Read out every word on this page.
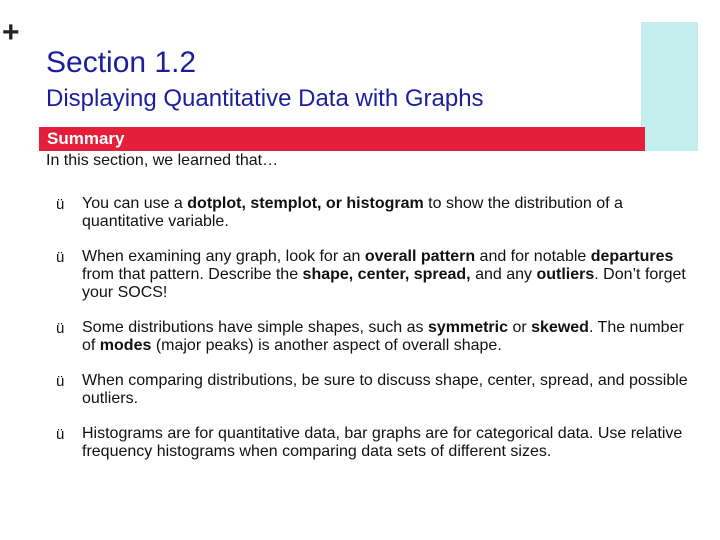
+
Section 1.2
Displaying Quantitative Data with Graphs
Summary
In this section, we learned that…
ü	You can use a dotplot, stemplot, or histogram to show the distribution of a quantitative variable.
ü	When examining any graph, look for an overall pattern and for notable departures from that pattern. Describe the shape, center, spread, and any outliers. Don’t forget your SOCS!
ü	Some distributions have simple shapes, such as symmetric or skewed. The number of modes (major peaks) is another aspect of overall shape.
ü	When comparing distributions, be sure to discuss shape, center, spread, and possible outliers.
ü	Histograms are for quantitative data, bar graphs are for categorical data. Use relative frequency histograms when comparing data sets of different sizes.
